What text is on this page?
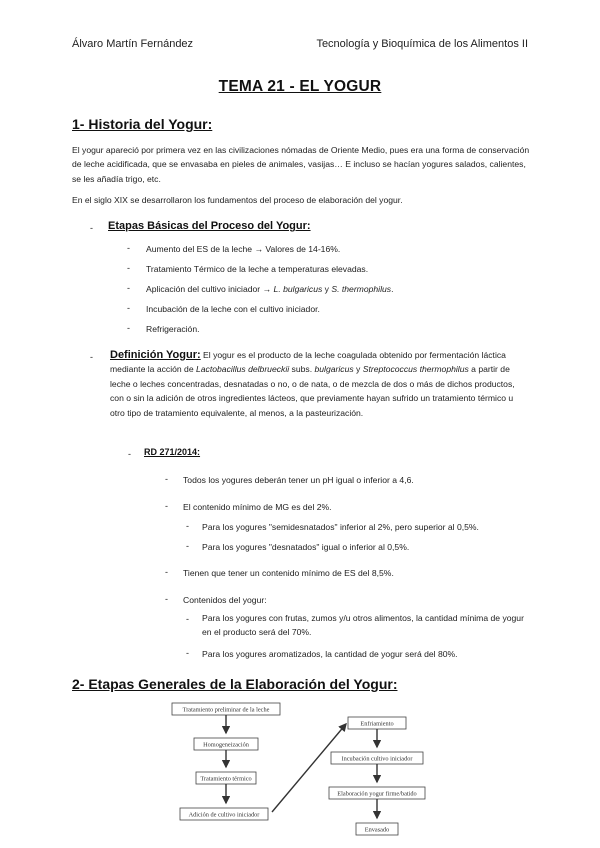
Álvaro Martín Fernández	Tecnología y Bioquímica de los Alimentos II
TEMA 21 - EL YOGUR
1- Historia del Yogur:
El yogur apareció por primera vez en las civilizaciones nómadas de Oriente Medio, pues era una forma de conservación de leche acidificada, que se envasaba en pieles de animales, vasijas… E incluso se hacían yogures salados, calientes, se les añadía trigo, etc.
En el siglo XIX se desarrollaron los fundamentos del proceso de elaboración del yogur.
- Etapas Básicas del Proceso del Yogur:
- Aumento del ES de la leche → Valores de 14-16%.
- Tratamiento Térmico de la leche a temperaturas elevadas.
- Aplicación del cultivo iniciador → L. bulgaricus y S. thermophilus.
- Incubación de la leche con el cultivo iniciador.
- Refrigeración.
- Definición Yogur: El yogur es el producto de la leche coagulada obtenido por fermentación láctica mediante la acción de Lactobacillus delbrueckii subs. bulgaricus y Streptococcus thermophilus a partir de leche o leches concentradas, desnatadas o no, o de nata, o de mezcla de dos o más de dichos productos, con o sin la adición de otros ingredientes lácteos, que previamente hayan sufrido un tratamiento térmico u otro tipo de tratamiento equivalente, al menos, a la pasteurización.
- RD 271/2014:
- Todos los yogures deberán tener un pH igual o inferior a 4,6.
- El contenido mínimo de MG es del 2%.
- Para los yogures "semidesnatados" inferior al 2%, pero superior al 0,5%.
- Para los yogures "desnatados" igual o inferior al 0,5%.
- Tienen que tener un contenido mínimo de ES del 8,5%.
- Contenidos del yogur:
- Para los yogures con frutas, zumos y/u otros alimentos, la cantidad mínima de yogur en el producto será del 70%.
- Para los yogures aromatizados, la cantidad de yogur será del 80%.
2- Etapas Generales de la Elaboración del Yogur:
Tratamiento preliminar de la leche
Homogeneización
Tratamiento térmico
Adición de cultivo iniciador
Enfriamiento
Incubación cultivo iniciador
Elaboración yogur firme/batido
Envasado
